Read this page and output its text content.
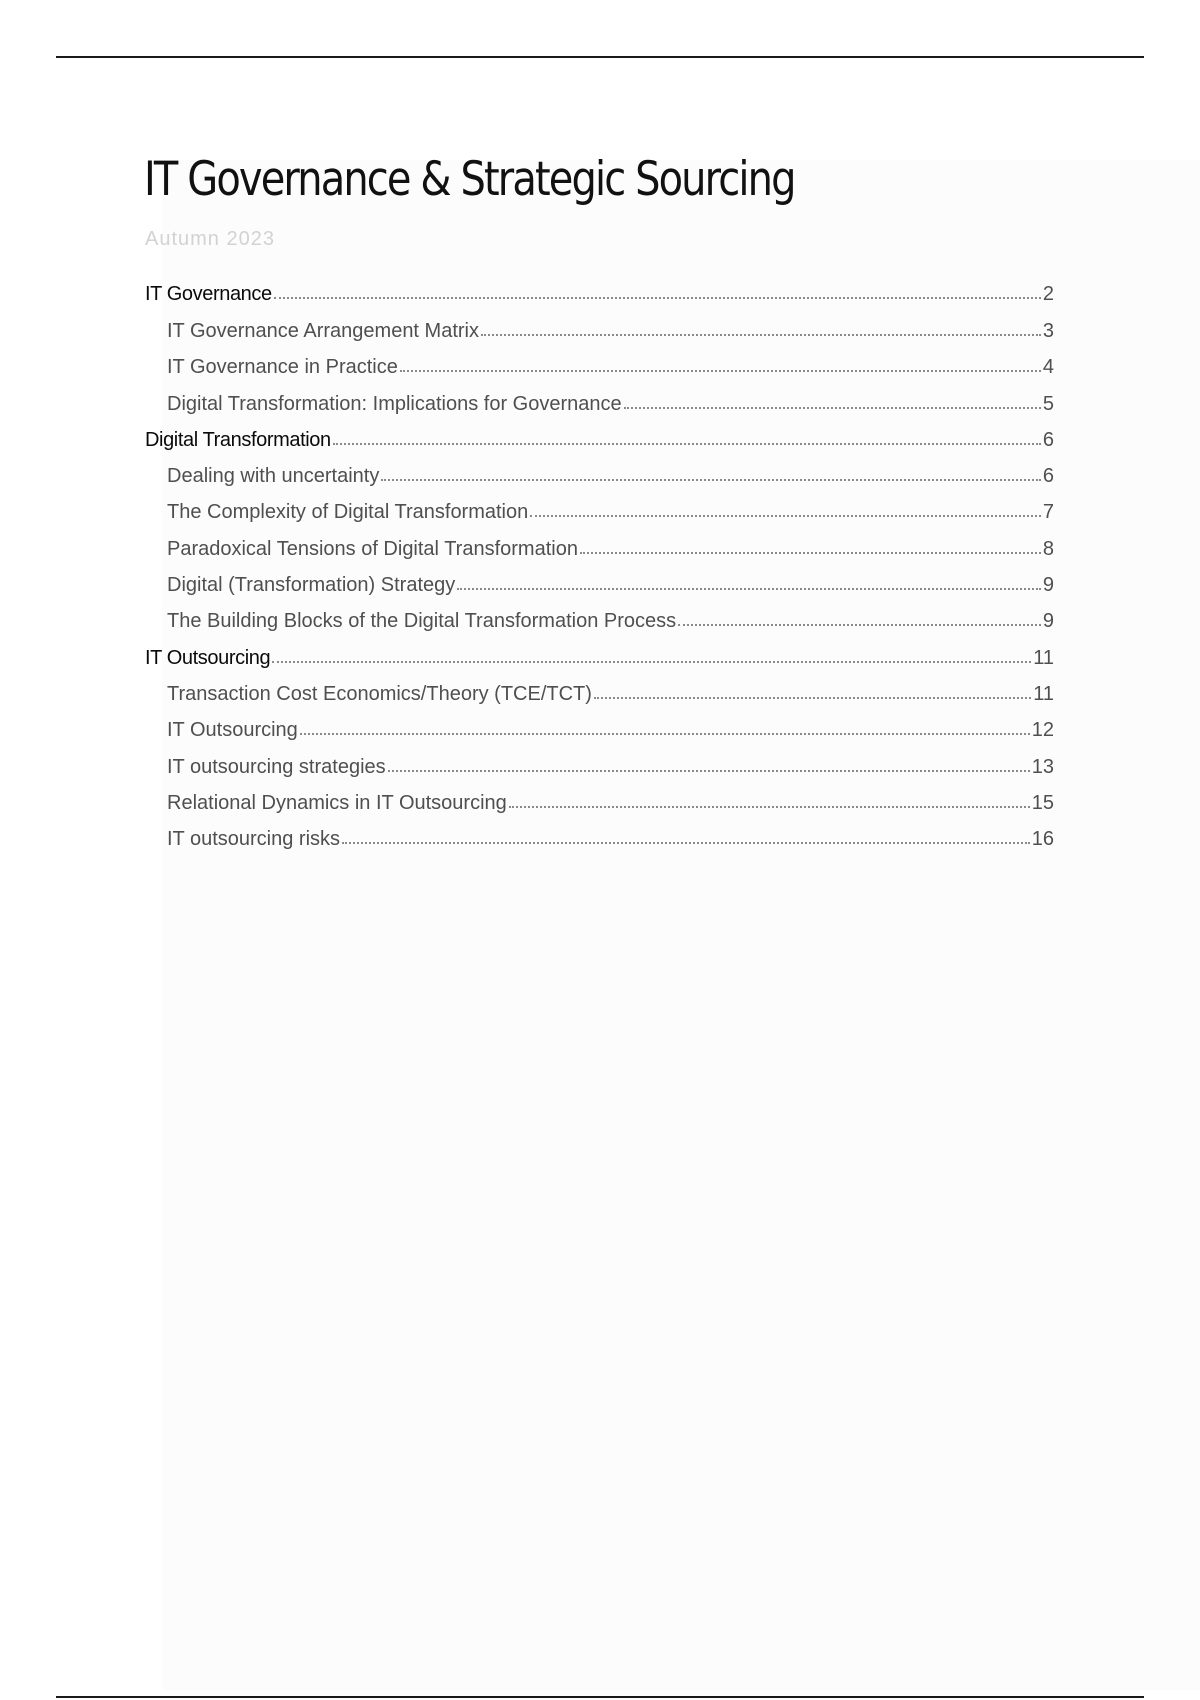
IT Governance & Strategic Sourcing
Autumn 2023
IT Governance	2
IT Governance Arrangement Matrix	3
IT Governance in Practice	4
Digital Transformation: Implications for Governance	5
Digital Transformation	6
Dealing with uncertainty	6
The Complexity of Digital Transformation	7
Paradoxical Tensions of Digital Transformation	8
Digital (Transformation) Strategy	9
The Building Blocks of the Digital Transformation Process	9
IT Outsourcing	11
Transaction Cost Economics/Theory (TCE/TCT)	11
IT Outsourcing	12
IT outsourcing strategies	13
Relational Dynamics in IT Outsourcing	15
IT outsourcing risks	16
